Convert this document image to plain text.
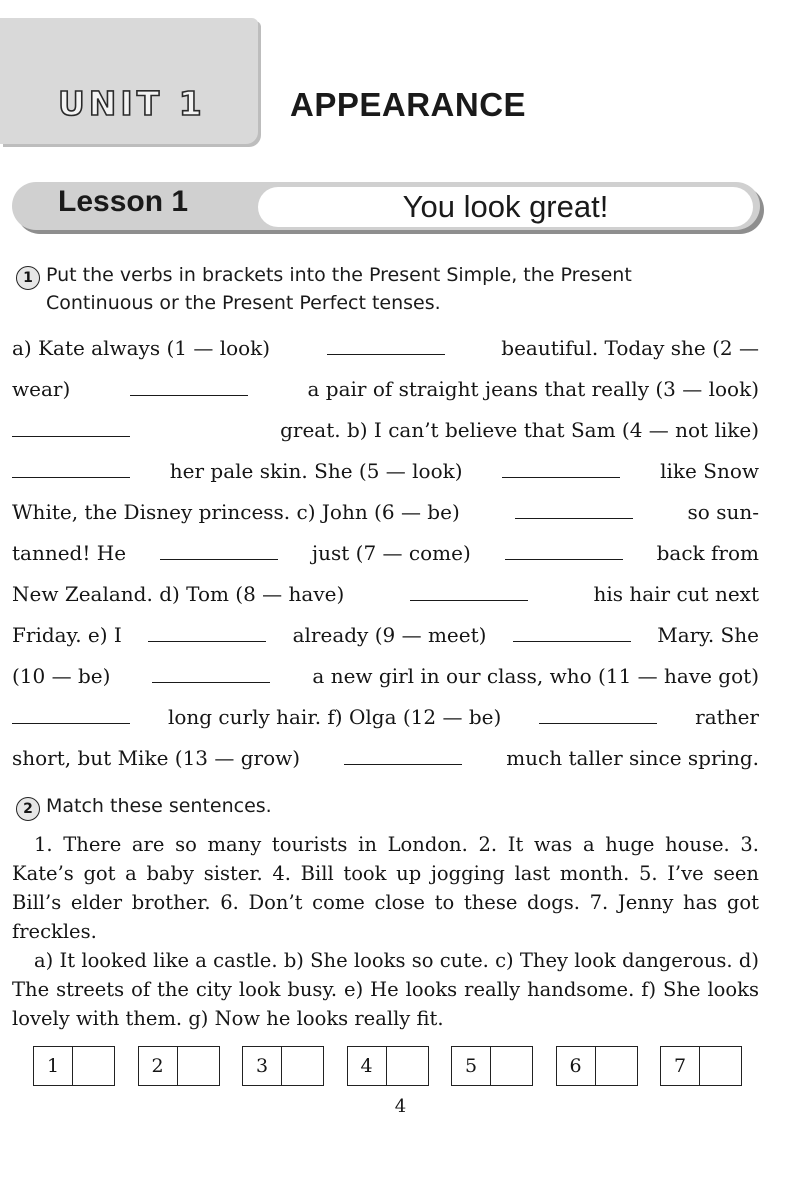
UNIT 1	APPEARANCE
Lesson 1	You look great!
1 Put the verbs in brackets into the Present Simple, the Present
Continuous or the Present Perfect tenses.
a) Kate always (1 — look)	beautiful. Today she (2 —
wear)	a pair of straight jeans that really (3 — look)
great. b) I can’t believe that Sam (4 — not like)
her pale skin. She (5 — look)	like Snow
White, the Disney princess. c) John (6 — be)	so sun-
tanned! He	just (7 — come)	back from
New Zealand. d) Tom (8 — have)	his hair cut next
Friday. e) I	already (9 — meet)	Mary. She
(10 — be)	a new girl in our class, who (11 — have got)
long curly hair. f) Olga (12 — be)	rather
short, but Mike (13 — grow)	much taller since spring.
2 Match these sentences.
1. There are so many tourists in London. 2. It was a huge house. 3. Kate’s got a baby sister. 4. Bill took up jogging last month. 5. I’ve seen Bill’s elder brother. 6. Don’t come close to these dogs. 7. Jenny has got freckles.
a) It looked like a castle. b) She looks so cute. c) They look dangerous. d) The streets of the city look busy. e) He looks really handsome. f) She looks lovely with them. g) Now he looks really fit.
1	2	3	4	5	6	7
4
